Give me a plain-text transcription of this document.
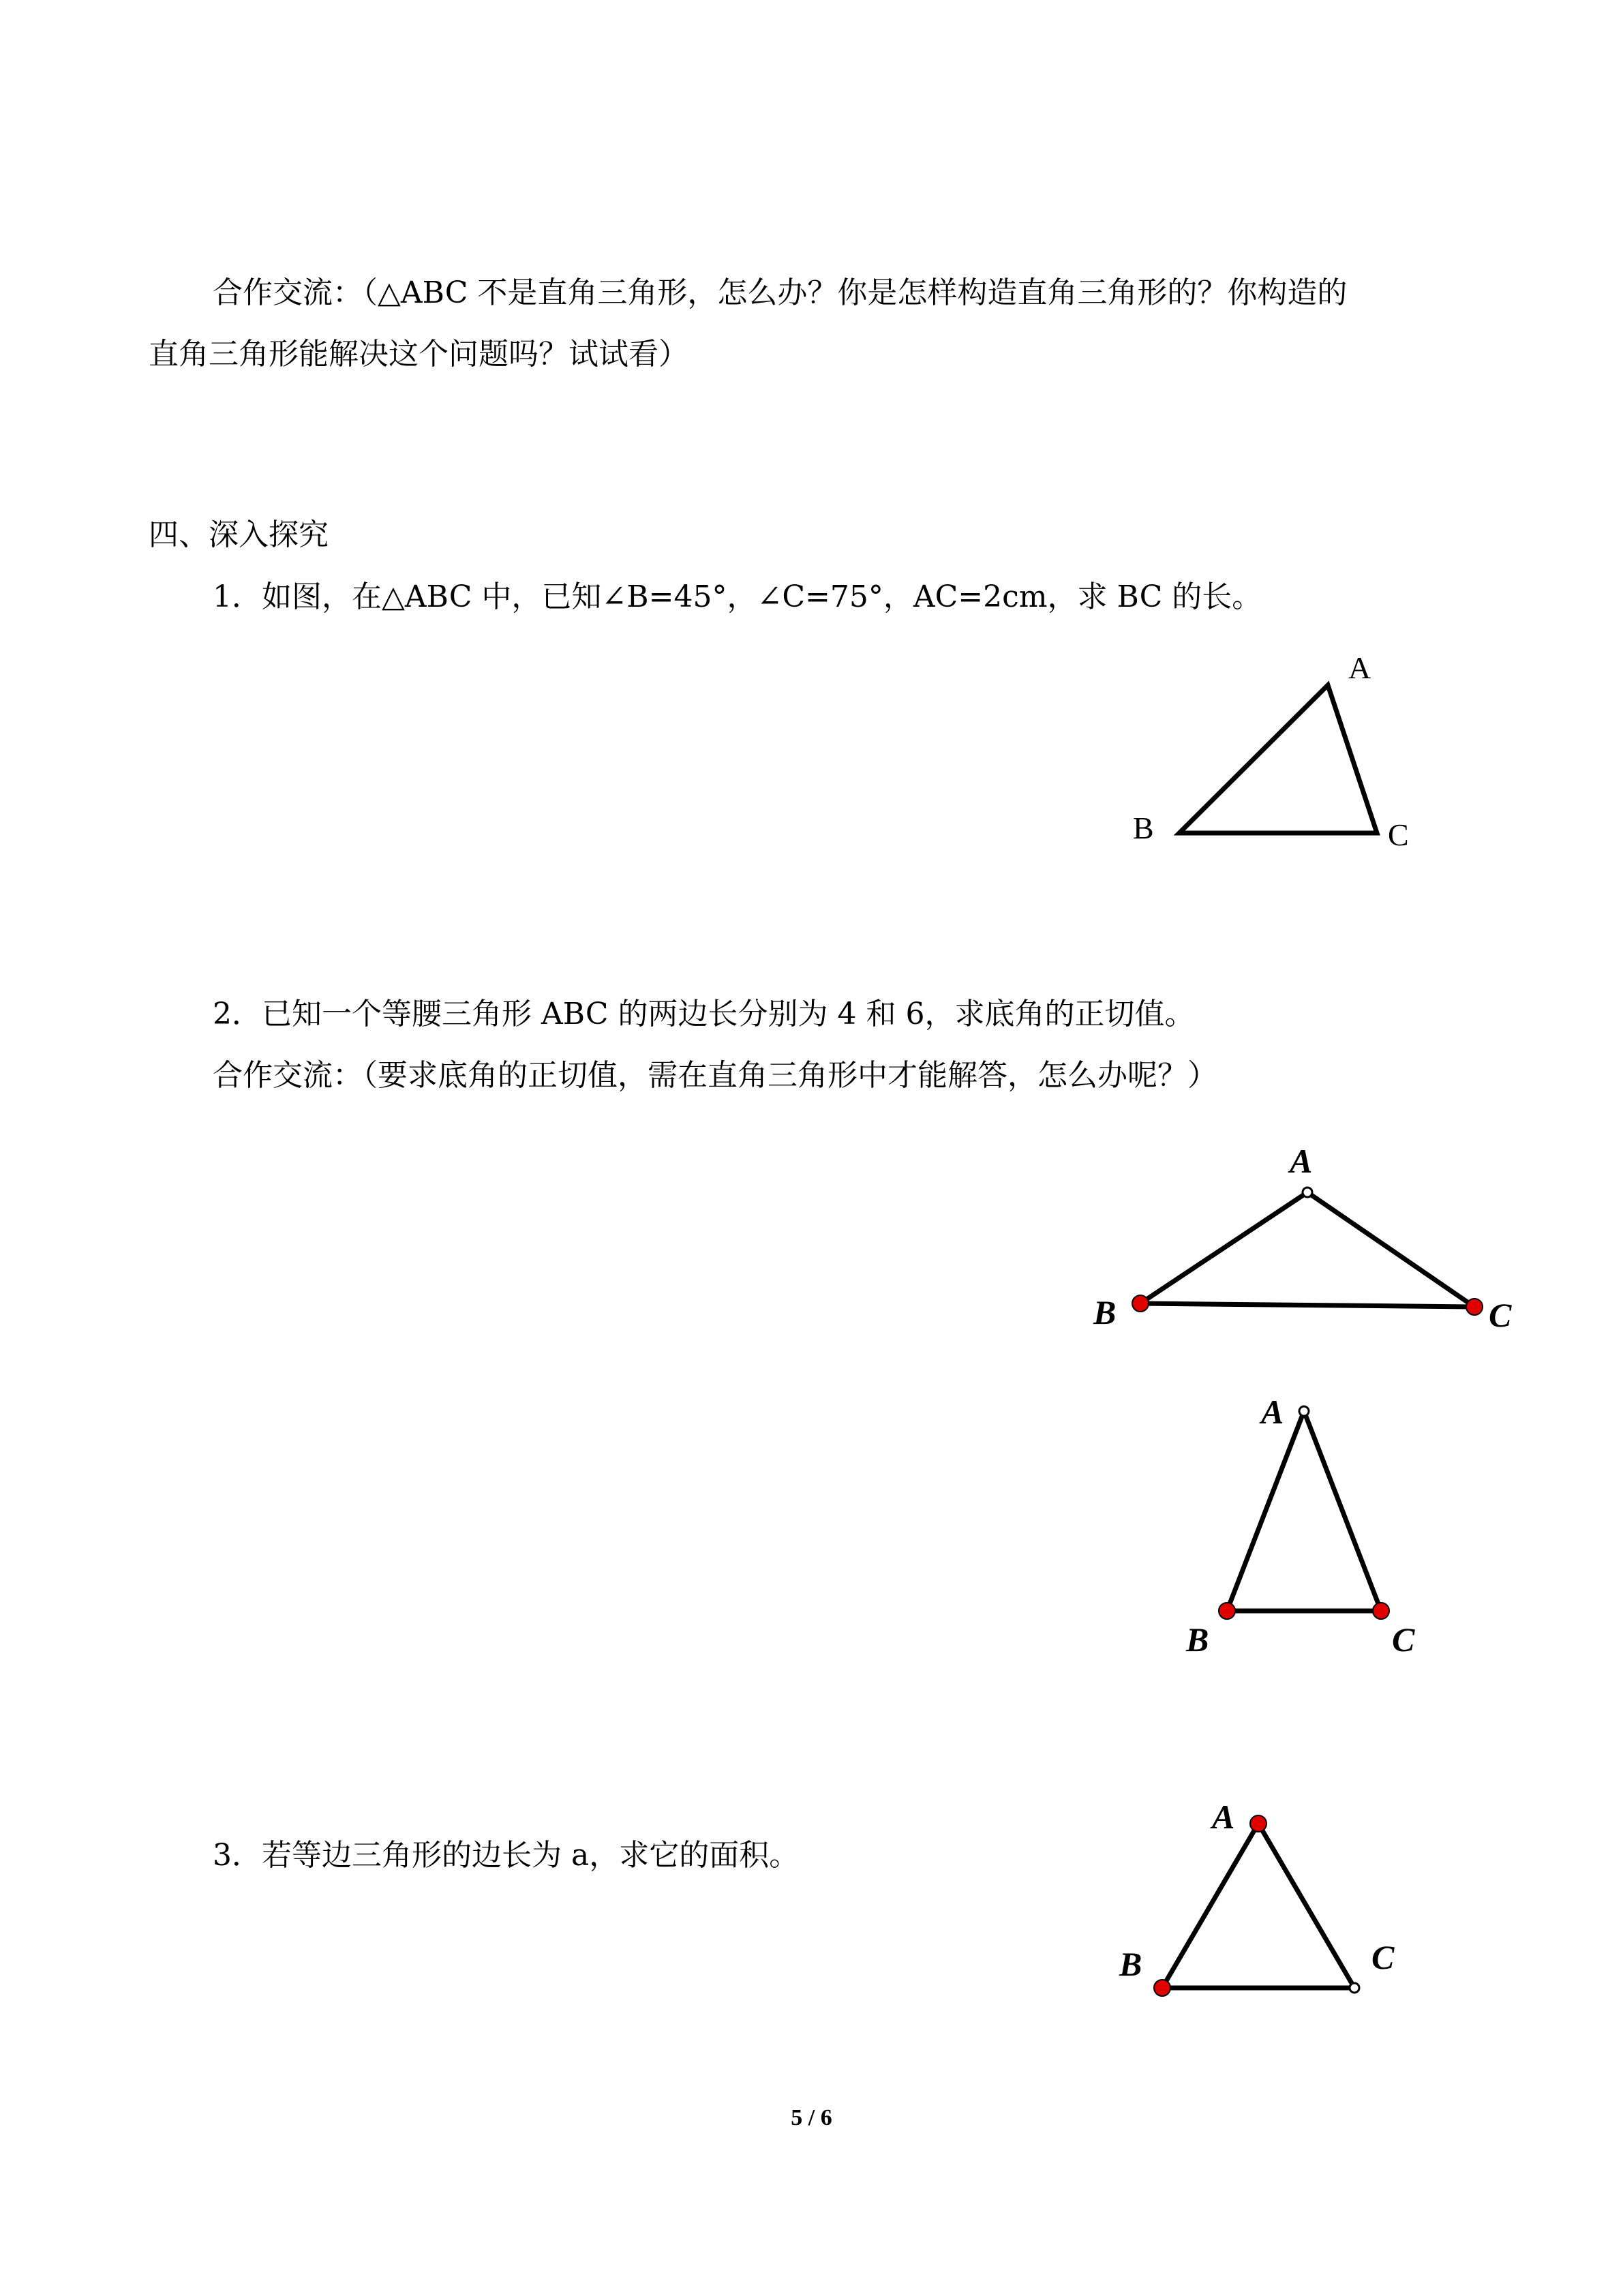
合作交流：（△ABC 不是直角三角形，怎么办？你是怎样构造直角三角形的？你构造的
直角三角形能解决这个问题吗？试试看）
四、深入探究
1．如图，在△ABC 中，已知∠B=45°，∠C=75°，AC=2cm，求 BC 的长。
A
B	C
2．已知一个等腰三角形 ABC 的两边长分别为 4 和 6，求底角的正切值。
合作交流：（要求底角的正切值，需在直角三角形中才能解答，怎么办呢？）
A
B	C
A
B	C
3．若等边三角形的边长为 a，求它的面积。
A
B	C
5 / 6
